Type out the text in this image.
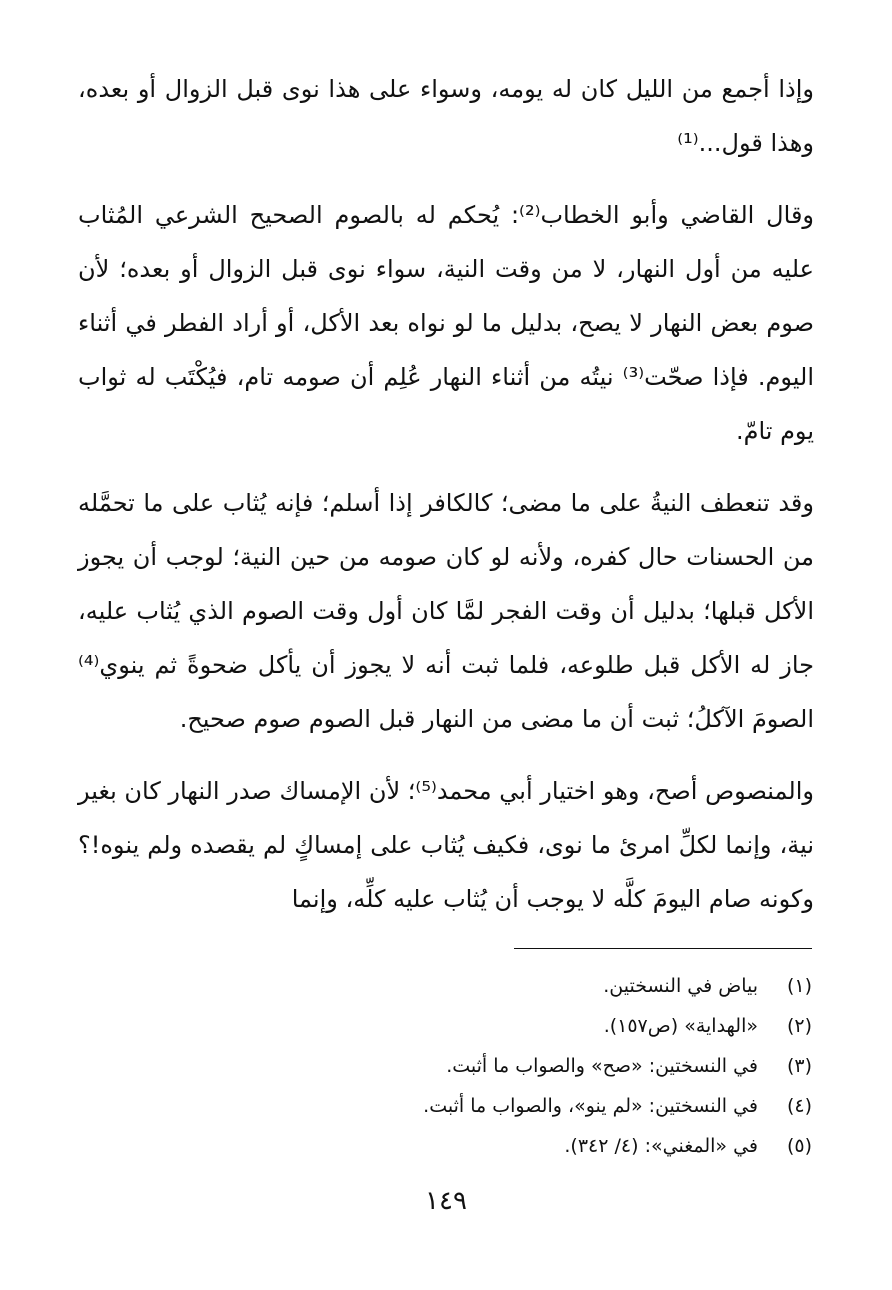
وإذا أجمع من الليل كان له يومه، وسواء على هذا نوى قبل الزوال أو بعده، وهذا قول...⁽¹⁾

وقال القاضي وأبو الخطاب⁽²⁾: يُحكم له بالصوم الصحيح الشرعي المُثاب عليه من أول النهار، لا من وقت النية، سواء نوى قبل الزوال أو بعده؛ لأن صوم بعض النهار لا يصح، بدليل ما لو نواه بعد الأكل، أو أراد الفطر في أثناء اليوم. فإذا صحّت⁽³⁾ نيتُه من أثناء النهار عُلِم أن صومه تام، فيُكْتَب له ثواب يوم تامّ.

وقد تنعطف النيةُ على ما مضى؛ كالكافر إذا أسلم؛ فإنه يُثاب على ما تحمَّله من الحسنات حال كفره، ولأنه لو كان صومه من حين النية؛ لوجب أن يجوز الأكل قبلها؛ بدليل أن وقت الفجر لمَّا كان أول وقت الصوم الذي يُثاب عليه، جاز له الأكل قبل طلوعه، فلما ثبت أنه لا يجوز أن يأكل ضحوةً ثم ينوي⁽⁴⁾ الصومَ الآكلُ؛ ثبت أن ما مضى من النهار قبل الصوم صوم صحيح.

والمنصوص أصح، وهو اختيار أبي محمد⁽⁵⁾؛ لأن الإمساك صدر النهار كان بغير نية، وإنما لكلِّ امرئ ما نوى، فكيف يُثاب على إمساكٍ لم يقصده ولم ينوه!؟ وكونه صام اليومَ كلَّه لا يوجب أن يُثاب عليه كلِّه، وإنما

(١)
بياض في النسختين.
(٢)
«الهداية» (ص١٥٧).
(٣)
في النسختين: «صح» والصواب ما أثبت.
(٤)
في النسختين: «لم ينو»، والصواب ما أثبت.
(٥)
في «المغني»: (٤/ ٣٤٢).
١٤٩
